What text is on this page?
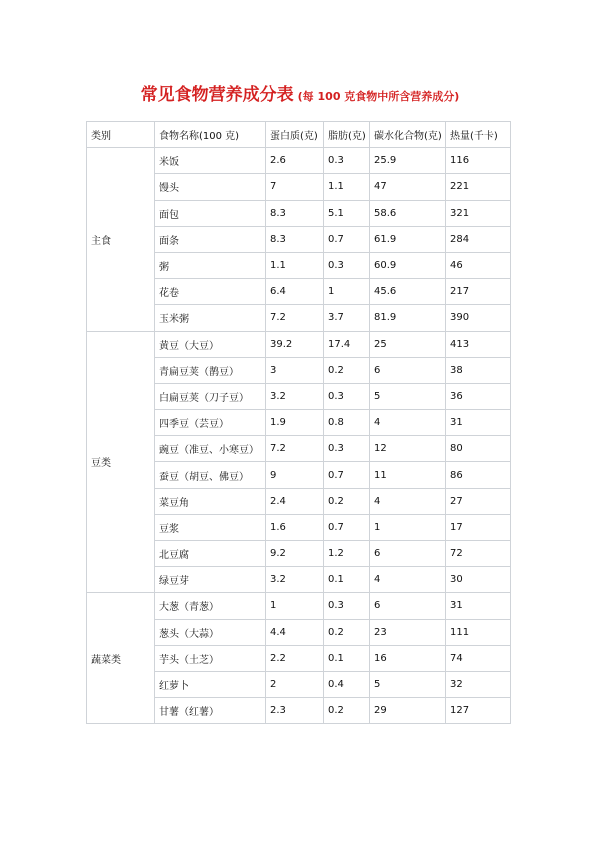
常见食物营养成分表 (每 100 克食物中所含营养成分)
类别	食物名称(100 克)	蛋白质(克)	脂肪(克)	碳水化合物(克)	热量(千卡)
主食	米饭	2.6	0.3	25.9	116
	馒头	7	1.1	47	221
	面包	8.3	5.1	58.6	321
	面条	8.3	0.7	61.9	284
	粥	1.1	0.3	60.9	46
	花卷	6.4	1	45.6	217
	玉米粥	7.2	3.7	81.9	390
豆类	黄豆（大豆）	39.2	17.4	25	413
	青扁豆荚（鹊豆）	3	0.2	6	38
	白扁豆荚（刀子豆）	3.2	0.3	5	36
	四季豆（芸豆）	1.9	0.8	4	31
	豌豆（准豆、小寒豆）	7.2	0.3	12	80
	蚕豆（胡豆、佛豆）	9	0.7	11	86
	菜豆角	2.4	0.2	4	27
	豆浆	1.6	0.7	1	17
	北豆腐	9.2	1.2	6	72
	绿豆芽	3.2	0.1	4	30
蔬菜类	大葱（青葱）	1	0.3	6	31
	葱头（大蒜）	4.4	0.2	23	111
	芋头（土芝）	2.2	0.1	16	74
	红萝卜	2	0.4	5	32
	甘薯（红薯）	2.3	0.2	29	127
